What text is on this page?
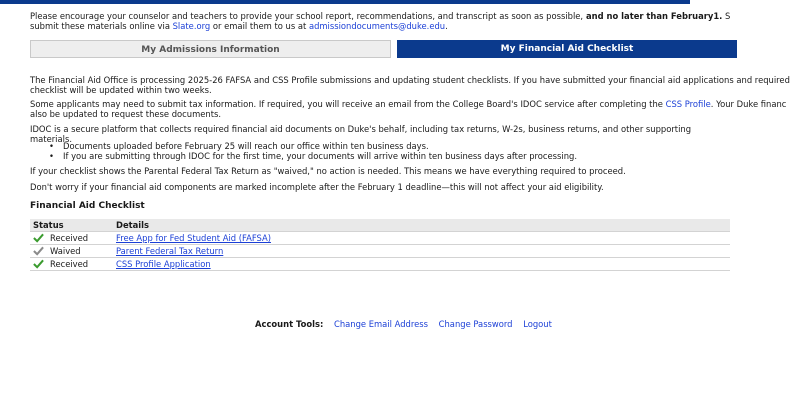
Please encourage your counselor and teachers to provide your school report, recommendations, and transcript as soon as possible, and no later than February1. S
submit these materials online via Slate.org or email them to us at admissiondocuments@duke.edu.
My Admissions Information	My Financial Aid Checklist
The Financial Aid Office is processing 2025-26 FAFSA and CSS Profile submissions and updating student checklists. If you have submitted your financial aid applications and required
checklist will be updated within two weeks.
Some applicants may need to submit tax information. If required, you will receive an email from the College Board's IDOC service after completing the CSS Profile. Your Duke financ
also be updated to request these documents.
IDOC is a secure platform that collects required financial aid documents on Duke's behalf, including tax returns, W-2s, business returns, and other supporting materials.
• Documents uploaded before February 25 will reach our office within ten business days.
• If you are submitting through IDOC for the first time, your documents will arrive within ten business days after processing.
If your checklist shows the Parental Federal Tax Return as "waived," no action is needed. This means we have everything required to proceed.
Don't worry if your financial aid components are marked incomplete after the February 1 deadline—this will not affect your aid eligibility.
Financial Aid Checklist
Status	Details
Received	Free App for Fed Student Aid (FAFSA)
Waived	Parent Federal Tax Return
Received	CSS Profile Application
Account Tools: Change Email Address Change Password Logout
